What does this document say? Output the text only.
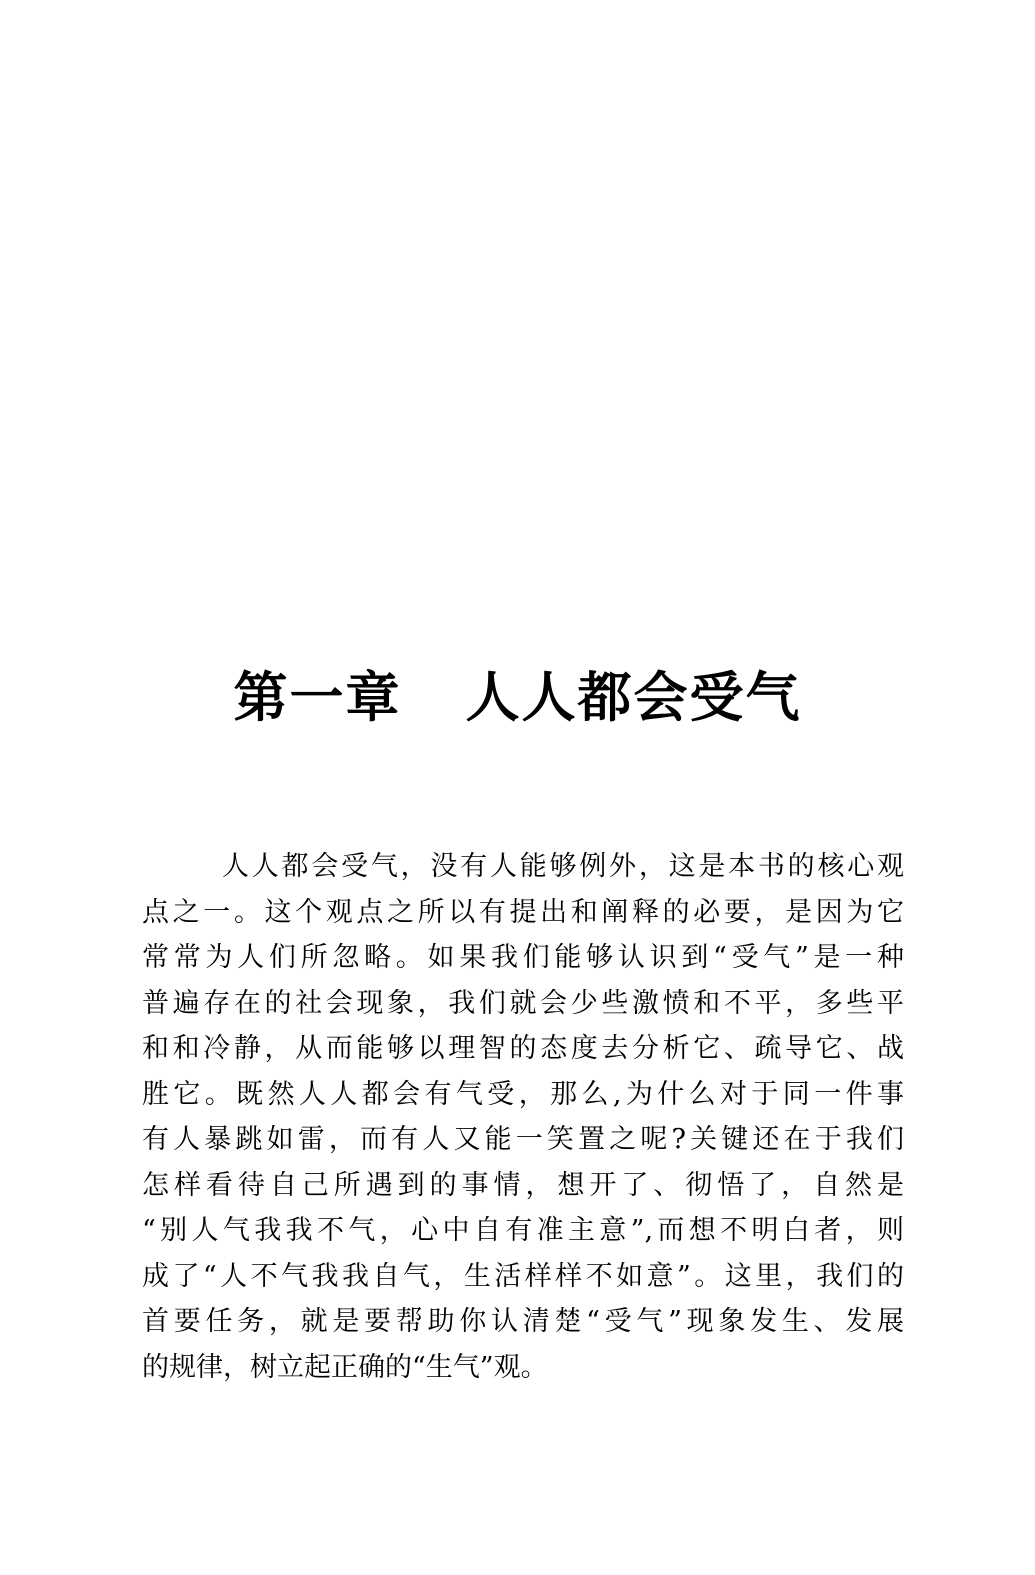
第一章 人人都会受气
人人都会受气，没有人能够例外，这是本书的核心观
点之一。这个观点之所以有提出和阐释的必要，是因为它
常常为人们所忽略。如果我们能够认识到“受气”是一种
普遍存在的社会现象，我们就会少些激愤和不平，多些平
和和冷静，从而能够以理智的态度去分析它、疏导它、战
胜它。既然人人都会有气受，那么,为什么对于同一件事
有人暴跳如雷，而有人又能一笑置之呢?关键还在于我们
怎样看待自己所遇到的事情，想开了、彻悟了，自然是
“别人气我我不气，心中自有准主意”,而想不明白者，则
成了“人不气我我自气，生活样样不如意”。这里，我们的
首要任务，就是要帮助你认清楚“受气”现象发生、发展
的规律，树立起正确的“生气”观。
